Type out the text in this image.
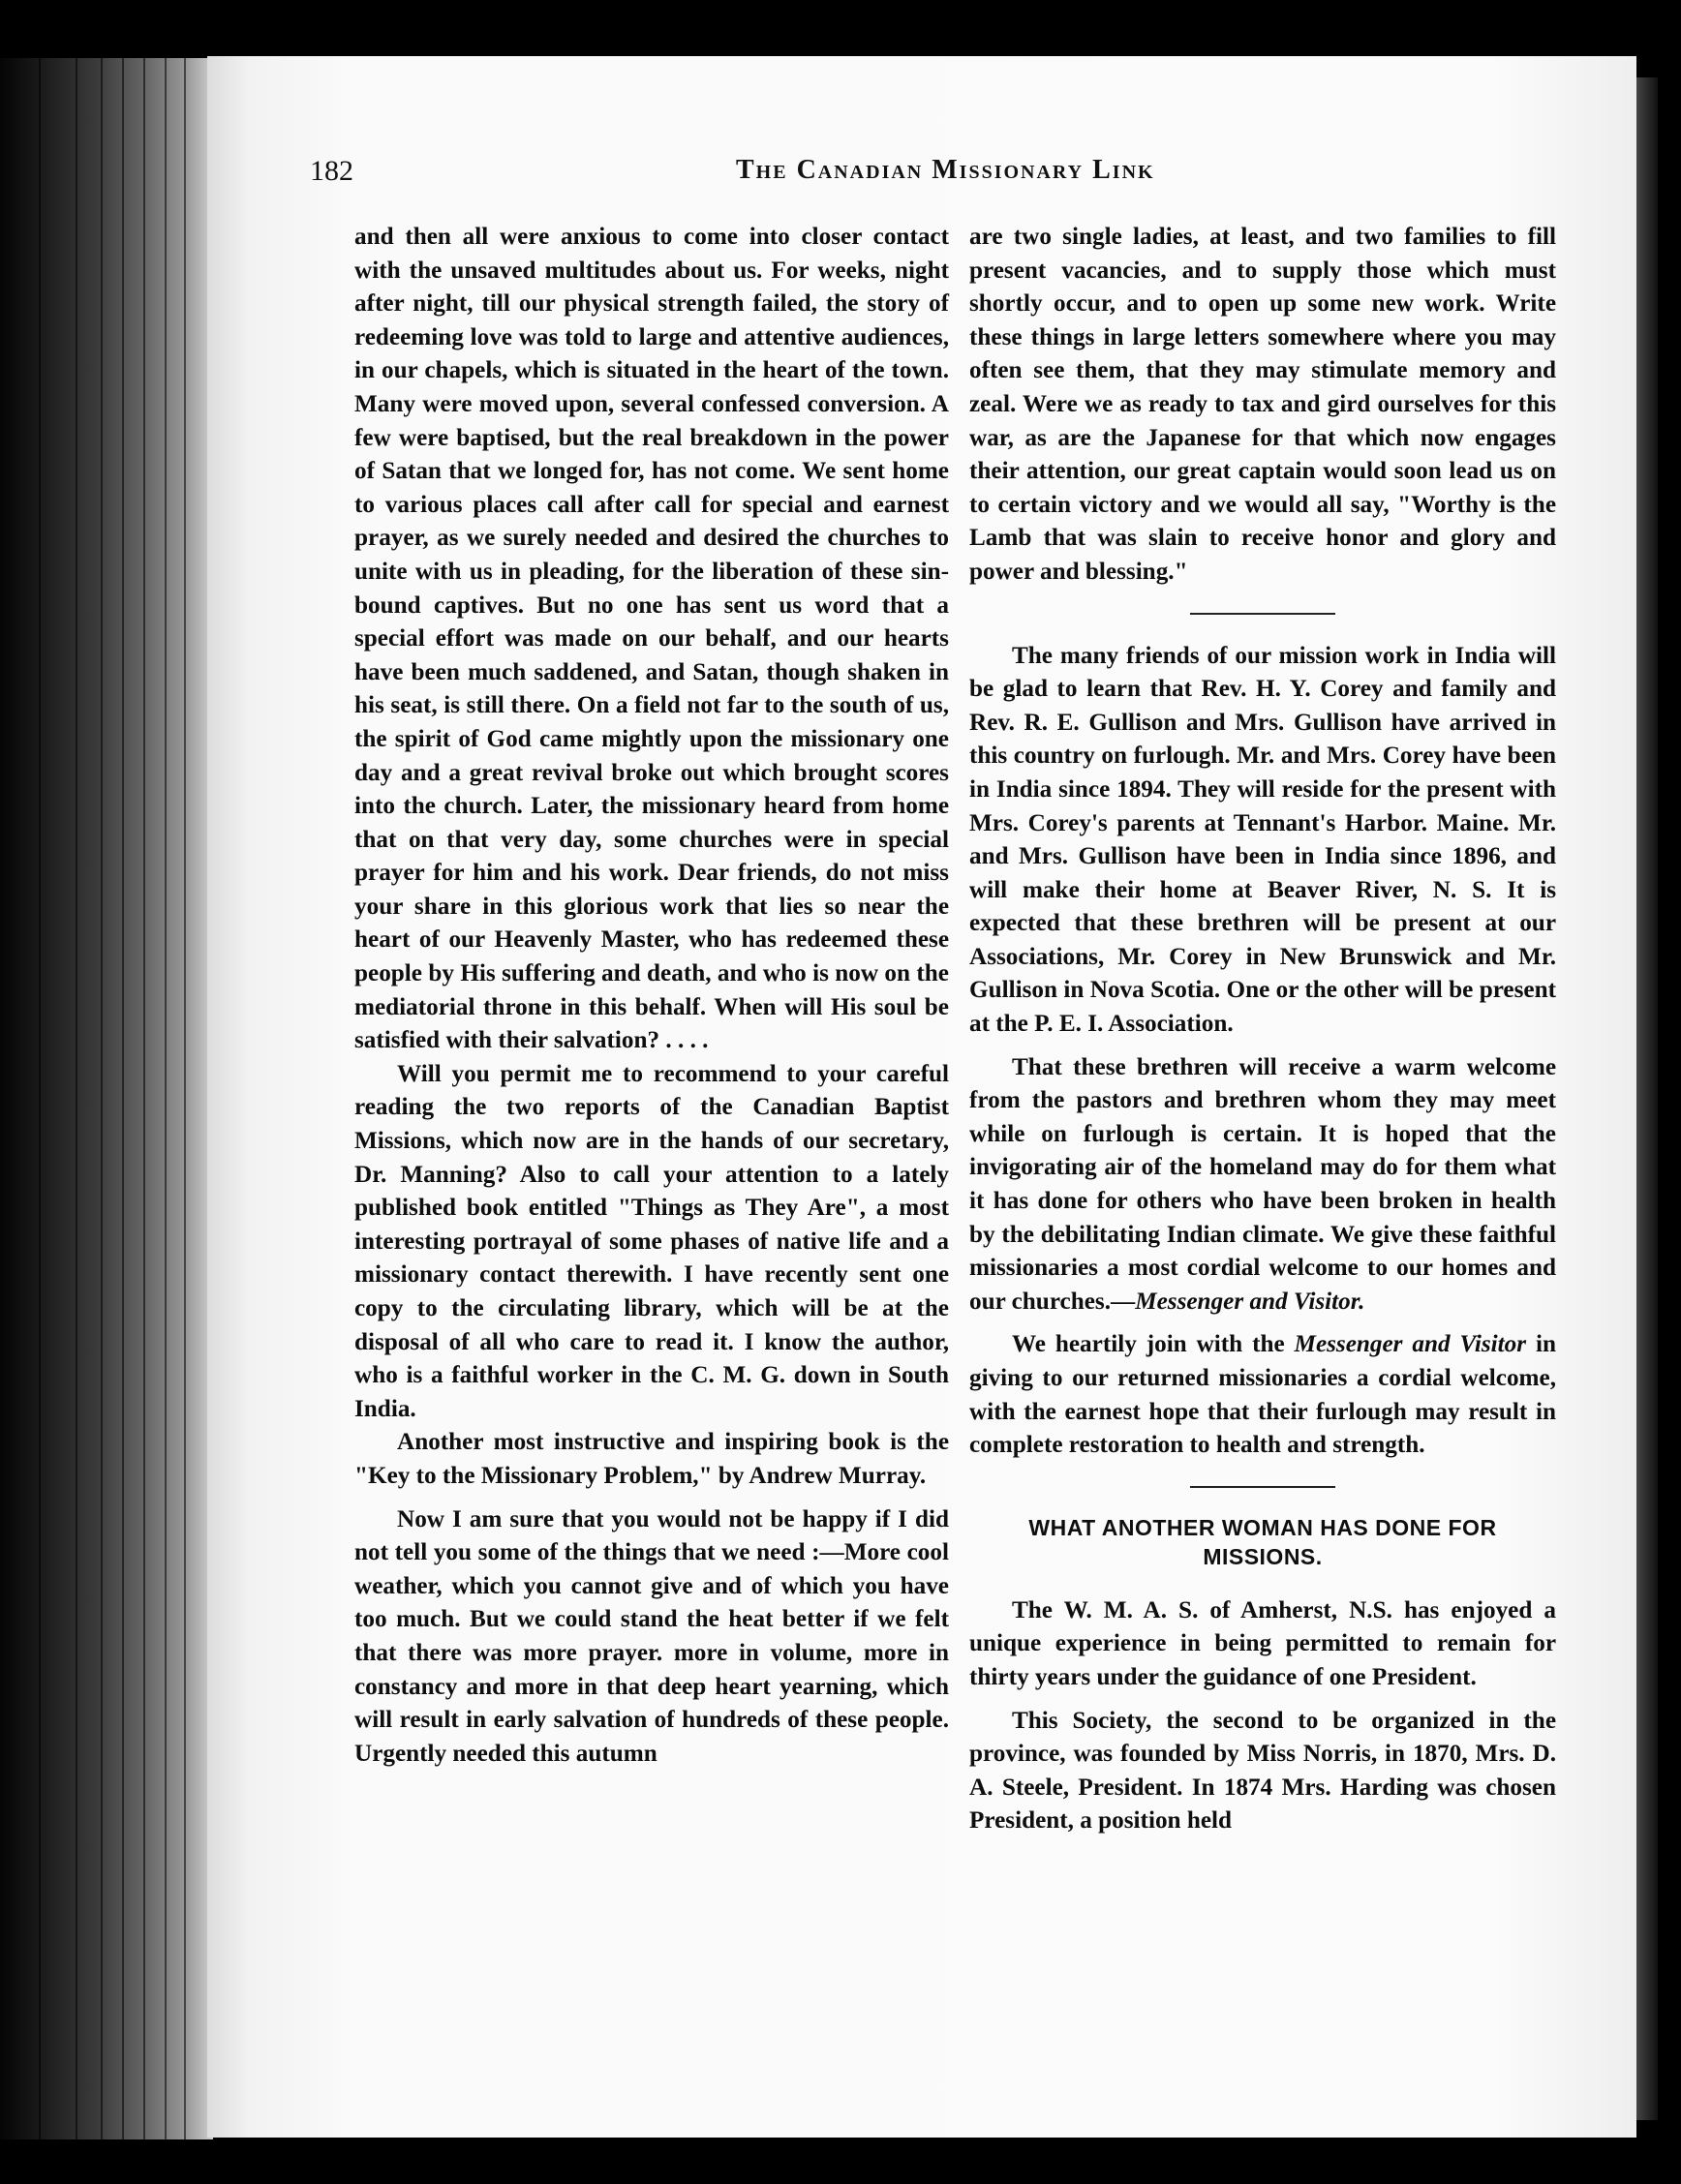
182	The Canadian Missionary Link

and then all were anxious to come into closer contact with the unsaved multitudes about us. For weeks, night after night, till our physical strength failed, the story of redeeming love was told to large and attentive audiences, in our chapels, which is situated in the heart of the town. Many were moved upon, several confessed conversion. A few were baptised, but the real breakdown in the power of Satan that we longed for, has not come. We sent home to various places call after call for special and earnest prayer, as we surely needed and desired the churches to unite with us in pleading, for the liberation of these sin-bound captives. But no one has sent us word that a special effort was made on our behalf, and our hearts have been much saddened, and Satan, though shaken in his seat, is still there. On a field not far to the south of us, the spirit of God came mightly upon the missionary one day and a great revival broke out which brought scores into the church. Later, the missionary heard from home that on that very day, some churches were in special prayer for him and his work. Dear friends, do not miss your share in this glorious work that lies so near the heart of our Heavenly Master, who has redeemed these people by His suffering and death, and who is now on the mediatorial throne in this behalf. When will His soul be satisfied with their salvation? . . . .

Will you permit me to recommend to your careful reading the two reports of the Canadian Baptist Missions, which now are in the hands of our secretary, Dr. Manning? Also to call your attention to a lately published book entitled "Things as They Are", a most interesting portrayal of some phases of native life and a missionary contact therewith. I have recently sent one copy to the circulating library, which will be at the disposal of all who care to read it. I know the author, who is a faithful worker in the C. M. G. down in South India.

Another most instructive and inspiring book is the "Key to the Missionary Problem," by Andrew Murray.

Now I am sure that you would not be happy if I did not tell you some of the things that we need :—More cool weather, which you cannot give and of which you have too much. But we could stand the heat better if we felt that there was more prayer. more in volume, more in constancy and more in that deep heart yearning, which will result in early salvation of hundreds of these people. Urgently needed this autumn

are two single ladies, at least, and two families to fill present vacancies, and to supply those which must shortly occur, and to open up some new work. Write these things in large letters somewhere where you may often see them, that they may stimulate memory and zeal. Were we as ready to tax and gird ourselves for this war, as are the Japanese for that which now engages their attention, our great captain would soon lead us on to certain victory and we would all say, "Worthy is the Lamb that was slain to receive honor and glory and power and blessing."

The many friends of our mission work in India will be glad to learn that Rev. H. Y. Corey and family and Rev. R. E. Gullison and Mrs. Gullison have arrived in this country on furlough. Mr. and Mrs. Corey have been in India since 1894. They will reside for the present with Mrs. Corey's parents at Tennant's Harbor. Maine. Mr. and Mrs. Gullison have been in India since 1896, and will make their home at Beaver River, N. S. It is expected that these brethren will be present at our Associations, Mr. Corey in New Brunswick and Mr. Gullison in Nova Scotia. One or the other will be present at the P. E. I. Association.

That these brethren will receive a warm welcome from the pastors and brethren whom they may meet while on furlough is certain. It is hoped that the invigorating air of the homeland may do for them what it has done for others who have been broken in health by the debilitating Indian climate. We give these faithful missionaries a most cordial welcome to our homes and our churches.—Messenger and Visitor.

We heartily join with the Messenger and Visitor in giving to our returned missionaries a cordial welcome, with the earnest hope that their furlough may result in complete restoration to health and strength.

WHAT ANOTHER WOMAN HAS DONE FOR MISSIONS.

The W. M. A. S. of Amherst, N.S. has enjoyed a unique experience in being permitted to remain for thirty years under the guidance of one President.

This Society, the second to be organized in the province, was founded by Miss Norris, in 1870, Mrs. D. A. Steele, President. In 1874 Mrs. Harding was chosen President, a position held
